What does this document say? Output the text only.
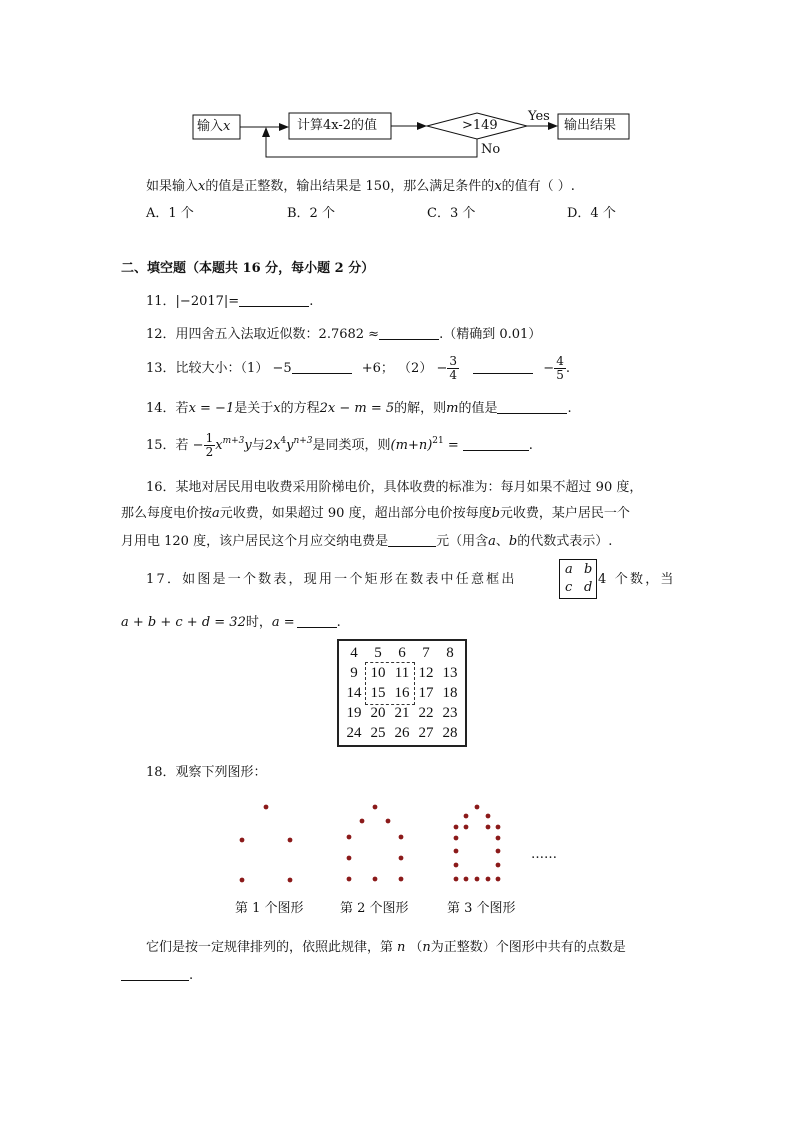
输入x	计算4x-2的值	>149
Yes
No
输出结果
如果输入x的值是正整数，输出结果是 150，那么满足条件的x的值有（ ）.
A．1 个	B．2 个	C．3 个	D．4 个
二、填空题（本题共 16 分，每小题 2 分）
11．|−2017|=	.
12．用四舍五入法取近似数：2.7682 ≈	.（精确到 0.01）
13．比较大小：（1） −5	+6； $(2) - \frac{3}{4}$	− $\frac{4}{5}$ .
14．若x = −1是关于x的方程2x − m = 5的解，则m的值是	.
15．若 − $\frac{1}{2} x^{m+3}y$与$2x^4y^{n+3}$是同类项，则$(m+n)^{21}$ =	.
16．某地对居民用电收费采用阶梯电价，具体收费的标准为：每月如果不超过 90 度，
那么每度电价按a元收费，如果超过 90 度，超出部分电价按每度b元收费，某户居民一个
月用电 120 度，该户居民这个月应交纳电费是	元（用含a、b的代数式表示）.
17．如图是一个数表，现用一个矩形在数表中任意框出
a b
c d
4 个数，当
a + b + c + d = 32时，a =	.
4	5	6	7	8
9	10	11	12	13
14	15	16	17	18
19	20	21	22	23
24	25	26	27	28
18．观察下列图形：
……
第 1 个图形	第 2 个图形	第 3 个图形
它们是按一定规律排列的，依照此规律，第 n （n为正整数）个图形中共有的点数是
.
